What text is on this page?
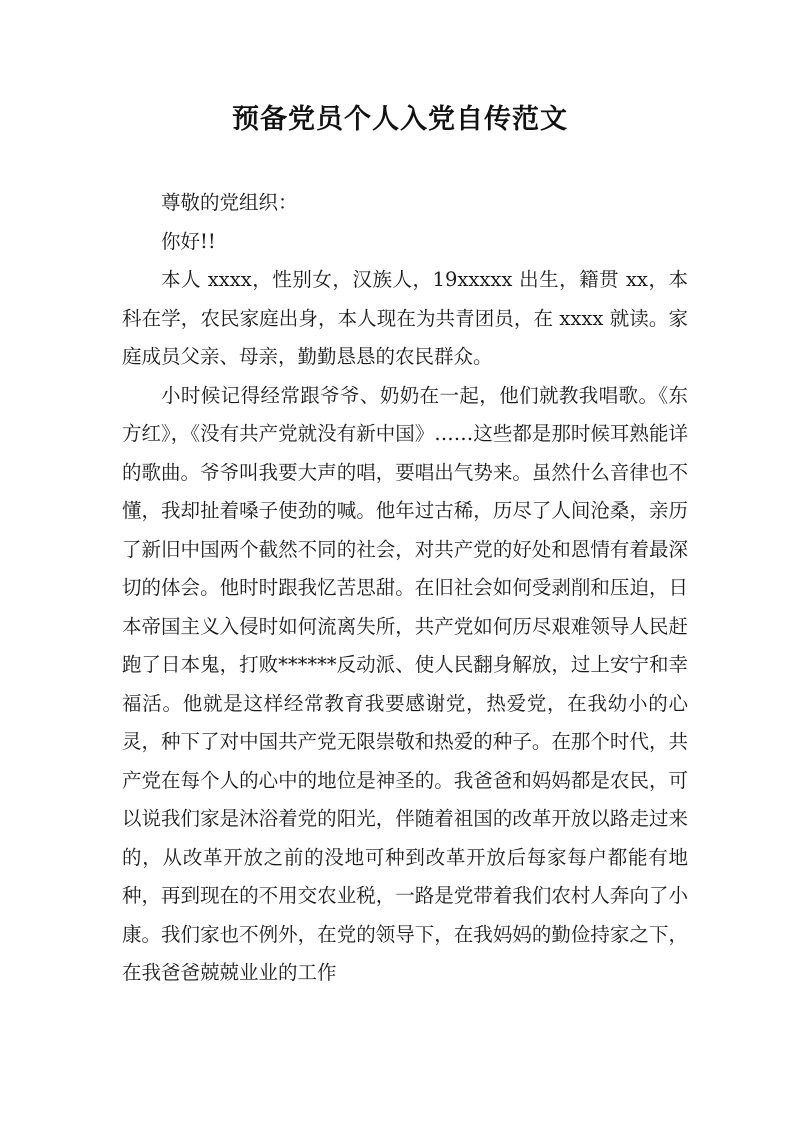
预备党员个人入党自传范文

尊敬的党组织：

你好!!

本人 xxxx，性别女，汉族人，19xxxxx 出生，籍贯 xx，本科在学，农民家庭出身，本人现在为共青团员，在 xxxx 就读。家庭成员父亲、母亲，勤勤恳恳的农民群众。

小时候记得经常跟爷爷、奶奶在一起，他们就教我唱歌。《东方红》，《没有共产党就没有新中国》……这些都是那时候耳熟能详的歌曲。爷爷叫我要大声的唱，要唱出气势来。虽然什么音律也不懂，我却扯着嗓子使劲的喊。他年过古稀，历尽了人间沧桑，亲历了新旧中国两个截然不同的社会，对共产党的好处和恩情有着最深切的体会。他时时跟我忆苦思甜。在旧社会如何受剥削和压迫，日本帝国主义入侵时如何流离失所，共产党如何历尽艰难领导人民赶跑了日本鬼，打败******反动派、使人民翻身解放，过上安宁和幸福活。他就是这样经常教育我要感谢党，热爱党，在我幼小的心灵，种下了对中国共产党无限崇敬和热爱的种子。在那个时代，共产党在每个人的心中的地位是神圣的。我爸爸和妈妈都是农民，可以说我们家是沐浴着党的阳光，伴随着祖国的改革开放以路走过来的，从改革开放之前的没地可种到改革开放后每家每户都能有地种，再到现在的不用交农业税，一路是党带着我们农村人奔向了小康。我们家也不例外，在党的领导下，在我妈妈的勤俭持家之下，在我爸爸兢兢业业的工作
